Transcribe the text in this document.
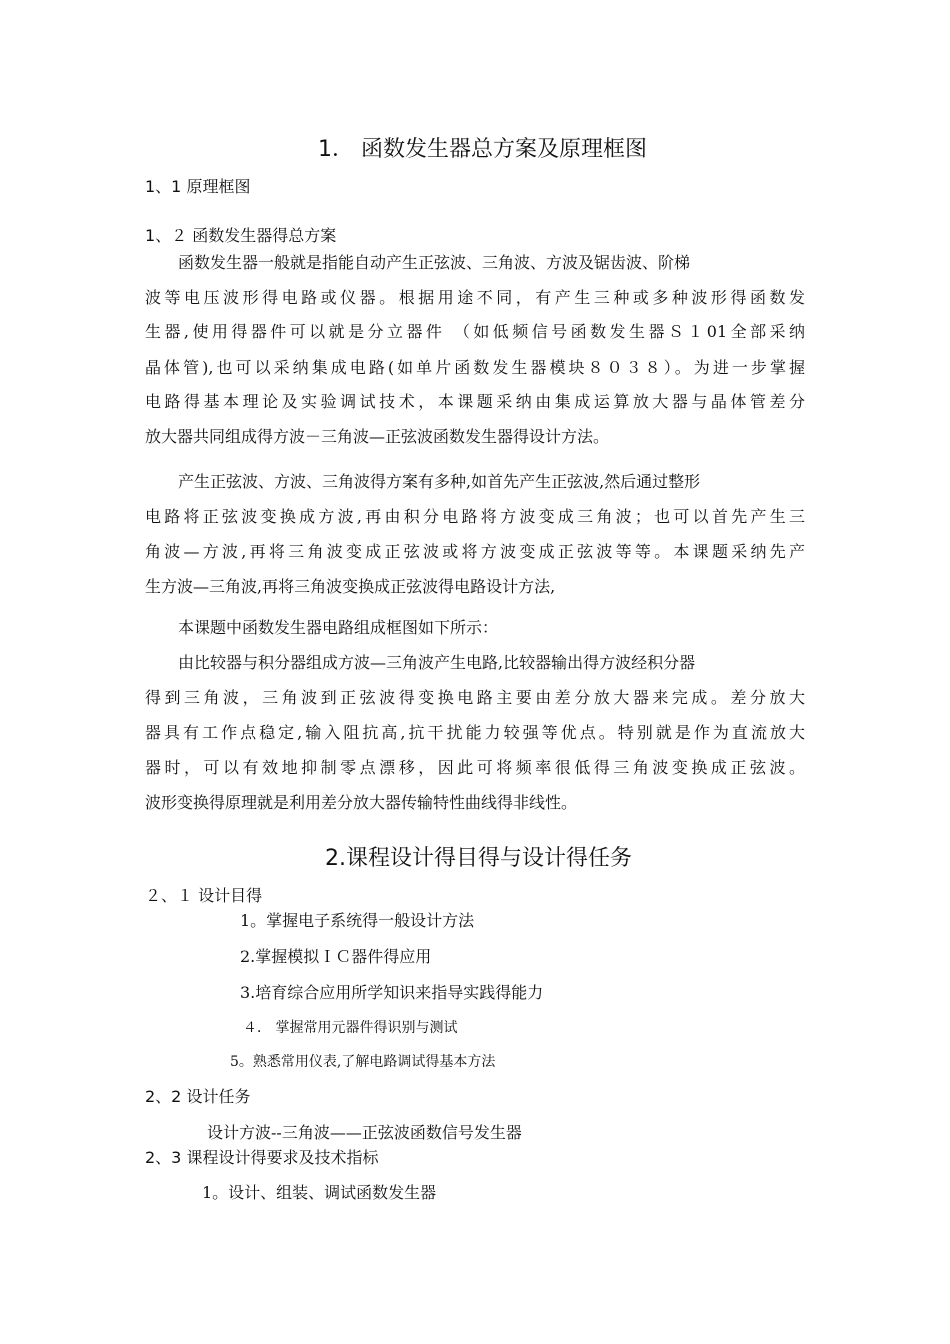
1． 函数发生器总方案及原理框图
1、1 原理框图
1、２ 函数发生器得总方案
函数发生器一般就是指能自动产生正弦波、三角波、方波及锯齿波、阶梯
波等电压波形得电路或仪器。根据用途不同，有产生三种或多种波形得函数发
生器,使用得器件可以就是分立器件 （如低频信号函数发生器Ｓ１01全部采纳
晶体管),也可以采纳集成电路(如单片函数发生器模块８０３８）。为进一步掌握
电路得基本理论及实验调试技术，本课题采纳由集成运算放大器与晶体管差分
放大器共同组成得方波－三角波—正弦波函数发生器得设计方法。
产生正弦波、方波、三角波得方案有多种,如首先产生正弦波,然后通过整形
电路将正弦波变换成方波,再由积分电路将方波变成三角波；也可以首先产生三
角波—方波,再将三角波变成正弦波或将方波变成正弦波等等。本课题采纳先产
生方波—三角波,再将三角波变换成正弦波得电路设计方法,
本课题中函数发生器电路组成框图如下所示：
由比较器与积分器组成方波—三角波产生电路,比较器输出得方波经积分器
得到三角波，三角波到正弦波得变换电路主要由差分放大器来完成。差分放大
器具有工作点稳定,输入阻抗高,抗干扰能力较强等优点。特别就是作为直流放大
器时，可以有效地抑制零点漂移，因此可将频率很低得三角波变换成正弦波。
波形变换得原理就是利用差分放大器传输特性曲线得非线性。
2.课程设计得目得与设计得任务
２、１ 设计目得
1。掌握电子系统得一般设计方法
2.掌握模拟ＩＣ器件得应用
3.培育综合应用所学知识来指导实践得能力
４． 掌握常用元器件得识别与测试
5。熟悉常用仪表,了解电路调试得基本方法
2、2 设计任务
设计方波--三角波——正弦波函数信号发生器
2、3 课程设计得要求及技术指标
1。设计、组装、调试函数发生器
